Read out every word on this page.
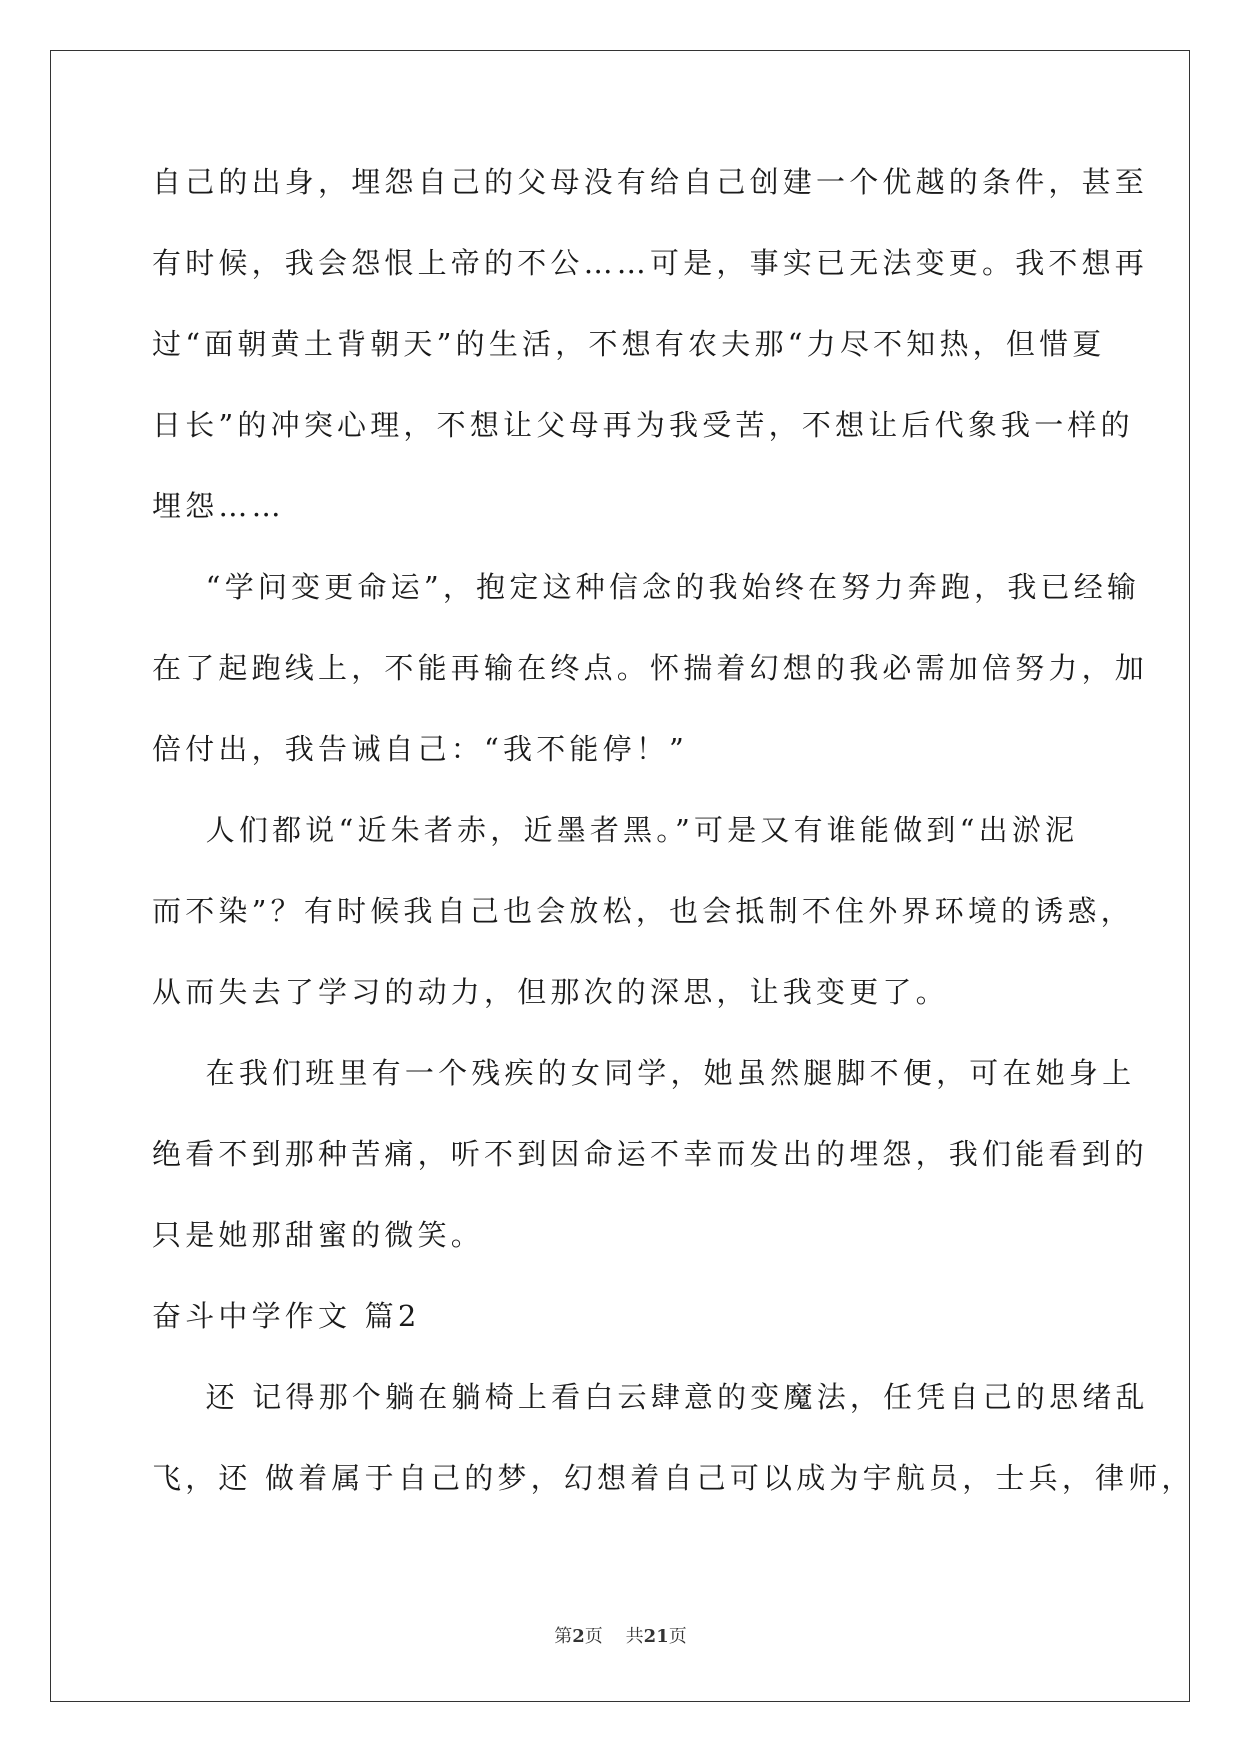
自己的出身，埋怨自己的父母没有给自己创建一个优越的条件，甚至
有时候，我会怨恨上帝的不公……可是，事实已无法变更。我不想再
过“面朝黄土背朝天”的生活，不想有农夫那“力尽不知热，但惜夏
日长”的冲突心理，不想让父母再为我受苦，不想让后代象我一样的
埋怨……
“学问变更命运”，抱定这种信念的我始终在努力奔跑，我已经输
在了起跑线上，不能再输在终点。怀揣着幻想的我必需加倍努力，加
倍付出，我告诫自己：“我不能停！”
人们都说“近朱者赤，近墨者黑。”可是又有谁能做到“出淤泥
而不染”？有时候我自己也会放松，也会抵制不住外界环境的诱惑，
从而失去了学习的动力，但那次的深思，让我变更了。
在我们班里有一个残疾的女同学，她虽然腿脚不便，可在她身上
绝看不到那种苦痛，听不到因命运不幸而发出的埋怨，我们能看到的
只是她那甜蜜的微笑。
奋斗中学作文 篇2
还 记得那个躺在躺椅上看白云肆意的变魔法，任凭自己的思绪乱
飞，还 做着属于自己的梦，幻想着自己可以成为宇航员，士兵，律师，
第2页 共21页
